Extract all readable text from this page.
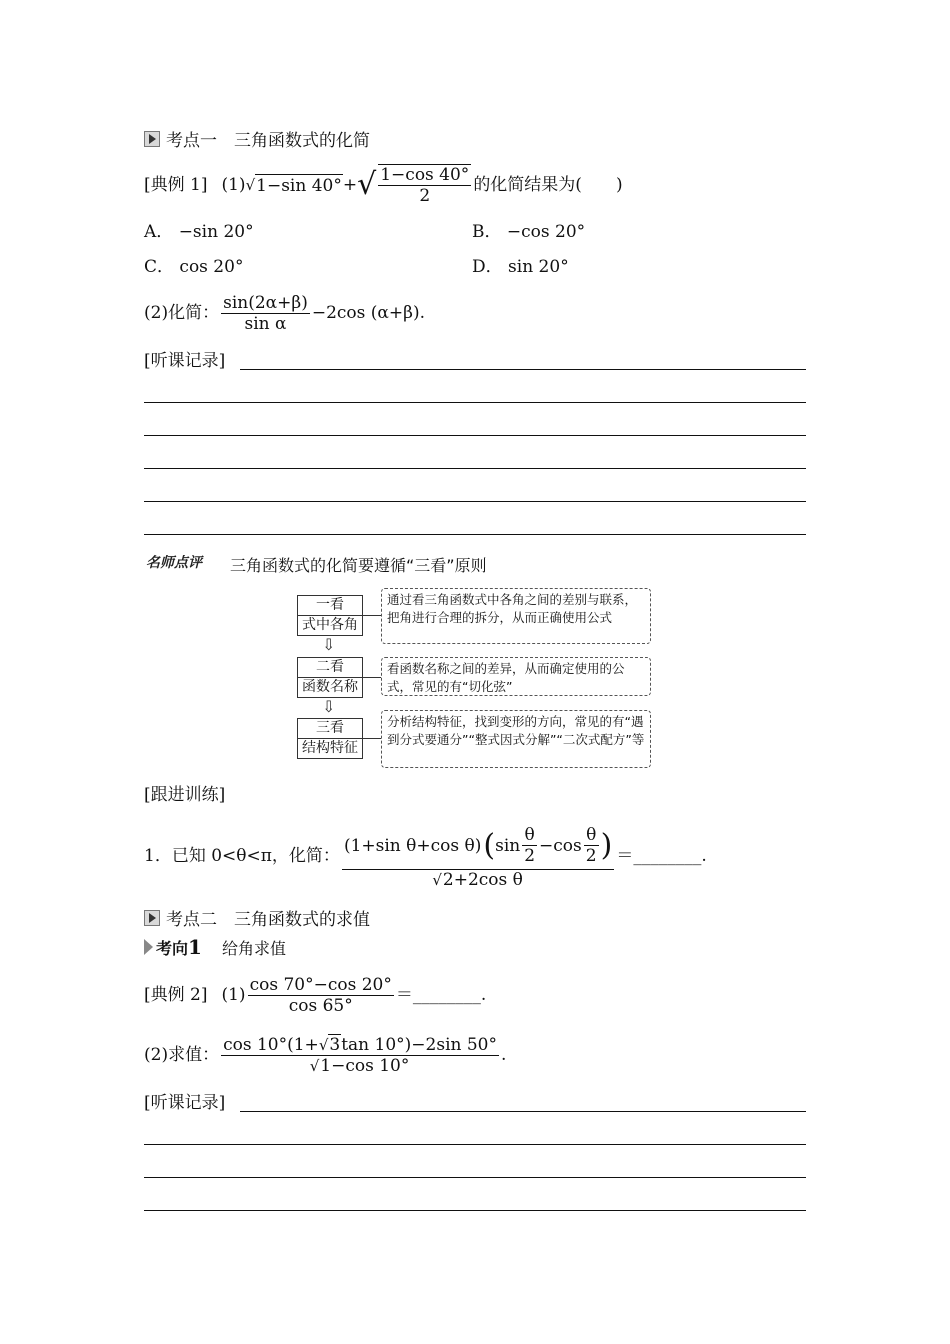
考点一　三角函数式的化简
[典例 1] (1) √ 1−sin 40° + √ $\frac{1-\cos 40^\circ}{2}$ 的化简结果为(　　)
A． −sin 20°	B． −cos 20°
C． cos 20°	D． sin 20°
(2)化简： $\frac{\sin(2\alpha+\beta)}{\text{sin α}} -2\cos$ (α+β).
[听课记录]
名师点评 三角函数式的化简要遵循“三看”原则
一看
式中各角
通过看三角函数式中各角之间的差别与联系，把角进行合理的拆分，从而正确使用公式
⇩
二看
函数名称
看函数名称之间的差异，从而确定使用的公式，常见的有“切化弦”
⇩
三看
结构特征
分析结构特征，找到变形的方向，常见的有“遇到分式要通分”“整式因式分解”“二次式配方”等
[跟进训练]
1．已知 0<θ<π，化简：
(1+sin θ+cos θ) ( $\sin \frac{\theta}{2} -\cos \frac{\theta}{2}$ )
√2+2cos θ
＝________.
考点二　三角函数式的求值
考向 1 给角求值
[典例 2] $(1) \frac{\cos 70^\circ-\cos 20^\circ}{\cos 65^\circ}$ ＝________.
(2)求值： $\frac{\cos 10^\circ(1+√3\tan 10^\circ)-2\sin 50^\circ}{√1-\cos 10^\circ}$ .
[听课记录]
